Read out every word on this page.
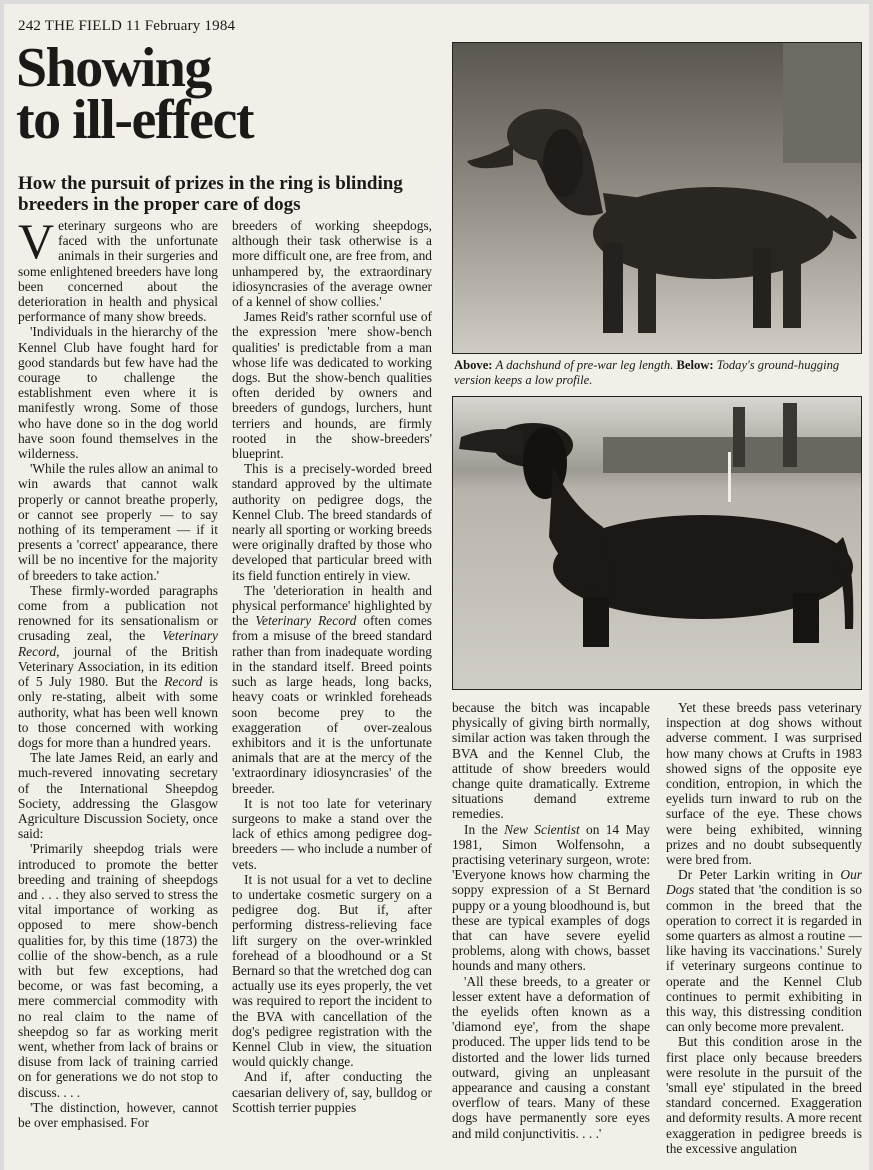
242 THE FIELD 11 February 1984
Showing
to ill-effect
How the pursuit of prizes in the ring is blinding breeders in the proper care of dogs

Veterinary surgeons who are faced with the unfortunate animals in their surgeries and some enlightened breeders have long been concerned about the deterioration in health and physical performance of many show breeds.

'Individuals in the hierarchy of the Kennel Club have fought hard for good standards but few have had the courage to challenge the establishment even where it is manifestly wrong. Some of those who have done so in the dog world have soon found themselves in the wilderness.

'While the rules allow an animal to win awards that cannot walk properly or cannot breathe properly, or cannot see properly — to say nothing of its temperament — if it presents a 'correct' appearance, there will be no incentive for the majority of breeders to take action.'

These firmly-worded paragraphs come from a publication not renowned for its sensationalism or crusading zeal, the Veterinary Record, journal of the British Veterinary Association, in its edition of 5 July 1980. But the Record is only re-stating, albeit with some authority, what has been well known to those concerned with working dogs for more than a hundred years.

The late James Reid, an early and much-revered innovating secretary of the International Sheepdog Society, addressing the Glasgow Agriculture Discussion Society, once said:

'Primarily sheepdog trials were introduced to promote the better breeding and training of sheepdogs and . . . they also served to stress the vital importance of working as opposed to mere show-bench qualities for, by this time (1873) the collie of the show-bench, as a rule with but few exceptions, had become, or was fast becoming, a mere commercial commodity with no real claim to the name of sheepdog so far as working merit went, whether from lack of brains or disuse from lack of training carried on for generations we do not stop to discuss. . . .

'The distinction, however, cannot be over emphasised. For

breeders of working sheepdogs, although their task otherwise is a more difficult one, are free from, and unhampered by, the extraordinary idiosyncrasies of the average owner of a kennel of show collies.'

James Reid's rather scornful use of the expression 'mere show-bench qualities' is predictable from a man whose life was dedicated to working dogs. But the show-bench qualities often derided by owners and breeders of gundogs, lurchers, hunt terriers and hounds, are firmly rooted in the show-breeders' blueprint.

This is a precisely-worded breed standard approved by the ultimate authority on pedigree dogs, the Kennel Club. The breed standards of nearly all sporting or working breeds were originally drafted by those who developed that particular breed with its field function entirely in view.

The 'deterioration in health and physical performance' highlighted by the Veterinary Record often comes from a misuse of the breed standard rather than from inadequate wording in the standard itself. Breed points such as large heads, long backs, heavy coats or wrinkled foreheads soon become prey to the exaggeration of over-zealous exhibitors and it is the unfortunate animals that are at the mercy of the 'extraordinary idiosyncrasies' of the breeder.

It is not too late for veterinary surgeons to make a stand over the lack of ethics among pedigree dog-breeders — who include a number of vets.

It is not usual for a vet to decline to undertake cosmetic surgery on a pedigree dog. But if, after performing distress-relieving face lift surgery on the over-wrinkled forehead of a bloodhound or a St Bernard so that the wretched dog can actually use its eyes properly, the vet was required to report the incident to the BVA with cancellation of the dog's pedigree registration with the Kennel Club in view, the situation would quickly change.

And if, after conducting the caesarian delivery of, say, bulldog or Scottish terrier puppies

Above: A dachshund of pre-war leg length. Below: Today's ground-hugging version keeps a low profile.

because the bitch was incapable physically of giving birth normally, similar action was taken through the BVA and the Kennel Club, the attitude of show breeders would change quite dramatically. Extreme situations demand extreme remedies.

In the New Scientist on 14 May 1981, Simon Wolfensohn, a practising veterinary surgeon, wrote: 'Everyone knows how charming the soppy expression of a St Bernard puppy or a young bloodhound is, but these are typical examples of dogs that can have severe eyelid problems, along with chows, basset hounds and many others.

'All these breeds, to a greater or lesser extent have a deformation of the eyelids often known as a 'diamond eye', from the shape produced. The upper lids tend to be distorted and the lower lids turned outward, giving an unpleasant appearance and causing a constant overflow of tears. Many of these dogs have permanently sore eyes and mild conjunctivitis. . . .'

Yet these breeds pass veterinary inspection at dog shows without adverse comment. I was surprised how many chows at Crufts in 1983 showed signs of the opposite eye condition, entropion, in which the eyelids turn inward to rub on the surface of the eye. These chows were being exhibited, winning prizes and no doubt subsequently were bred from.

Dr Peter Larkin writing in Our Dogs stated that 'the condition is so common in the breed that the operation to correct it is regarded in some quarters as almost a routine — like having its vaccinations.' Surely if veterinary surgeons continue to operate and the Kennel Club continues to permit exhibiting in this way, this distressing condition can only become more prevalent.

But this condition arose in the first place only because breeders were resolute in the pursuit of the 'small eye' stipulated in the breed standard concerned. Exaggeration and deformity results. A more recent exaggeration in pedigree breeds is the excessive angulation
